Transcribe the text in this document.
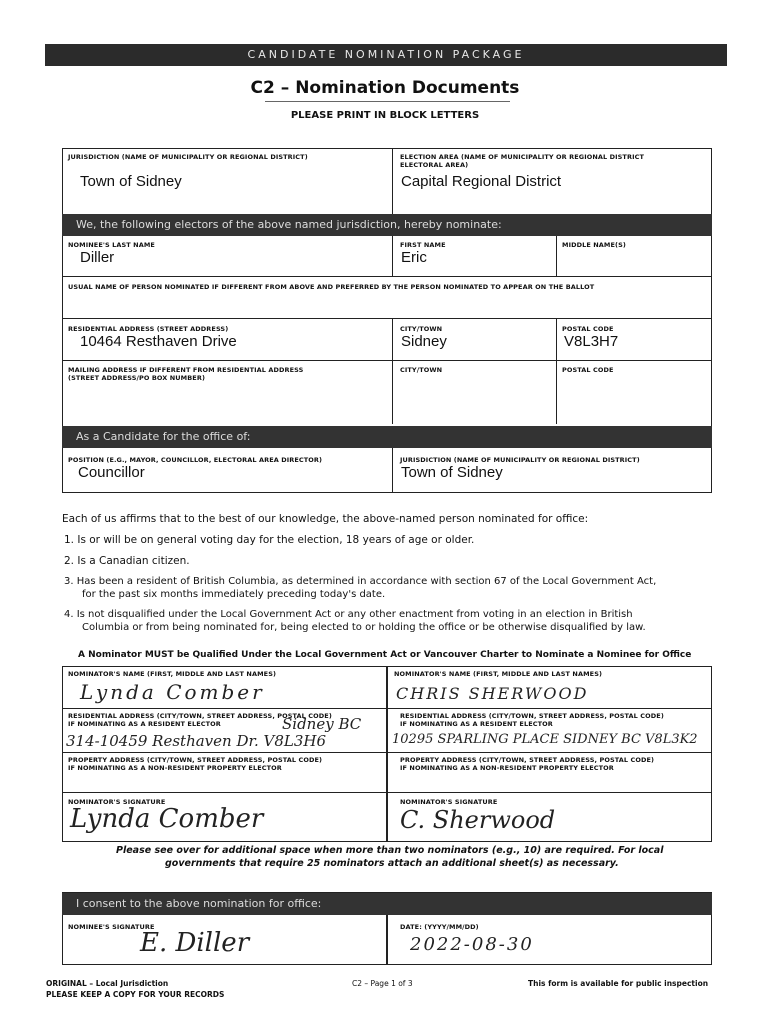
CANDIDATE NOMINATION PACKAGE
C2 – Nomination Documents
PLEASE PRINT IN BLOCK LETTERS
JURISDICTION (NAME OF MUNICIPALITY OR REGIONAL DISTRICT)
Town of Sidney
ELECTION AREA (NAME OF MUNICIPALITY OR REGIONAL DISTRICT
ELECTORAL AREA)
Capital Regional District
We, the following electors of the above named jurisdiction, hereby nominate:
NOMINEE'S LAST NAME
Diller
FIRST NAME
Eric
MIDDLE NAME(S)
USUAL NAME OF PERSON NOMINATED IF DIFFERENT FROM ABOVE AND PREFERRED BY THE PERSON NOMINATED TO APPEAR ON THE BALLOT
RESIDENTIAL ADDRESS (STREET ADDRESS)
10464 Resthaven Drive
CITY/TOWN
Sidney
POSTAL CODE
V8L3H7
MAILING ADDRESS IF DIFFERENT FROM RESIDENTIAL ADDRESS
(STREET ADDRESS/PO BOX NUMBER)
CITY/TOWN	POSTAL CODE
As a Candidate for the office of:
POSITION (E.G., MAYOR, COUNCILLOR, ELECTORAL AREA DIRECTOR)
Councillor
JURISDICTION (NAME OF MUNICIPALITY OR REGIONAL DISTRICT)
Town of Sidney
Each of us affirms that to the best of our knowledge, the above-named person nominated for office:
1. Is or will be on general voting day for the election, 18 years of age or older.
2. Is a Canadian citizen.
3. Has been a resident of British Columbia, as determined in accordance with section 67 of the Local Government Act,
for the past six months immediately preceding today's date.
4. Is not disqualified under the Local Government Act or any other enactment from voting in an election in British
Columbia or from being nominated for, being elected to or holding the office or be otherwise disqualified by law.
A Nominator MUST be Qualified Under the Local Government Act or Vancouver Charter to Nominate a Nominee for Office
NOMINATOR'S NAME (FIRST, MIDDLE AND LAST NAMES)
Lynda Comber
RESIDENTIAL ADDRESS (CITY/TOWN, STREET ADDRESS, POSTAL CODE)
IF NOMINATING AS A RESIDENT ELECTOR	Sidney BC
314-10459 Resthaven Dr. V8L3H6
PROPERTY ADDRESS (CITY/TOWN, STREET ADDRESS, POSTAL CODE)
IF NOMINATING AS A NON-RESIDENT PROPERTY ELECTOR
NOMINATOR'S SIGNATURE
Lynda Comber
NOMINATOR'S NAME (FIRST, MIDDLE AND LAST NAMES)
CHRIS SHERWOOD
RESIDENTIAL ADDRESS (CITY/TOWN, STREET ADDRESS, POSTAL CODE)
IF NOMINATING AS A RESIDENT ELECTOR
10295 SPARLING PLACE SIDNEY BC V8L3K2
PROPERTY ADDRESS (CITY/TOWN, STREET ADDRESS, POSTAL CODE)
IF NOMINATING AS A NON-RESIDENT PROPERTY ELECTOR
NOMINATOR'S SIGNATURE
C. Sherwood
Please see over for additional space when more than two nominators (e.g., 10) are required. For local
governments that require 25 nominators attach an additional sheet(s) as necessary.
I consent to the above nomination for office:
NOMINEE'S SIGNATURE
E. Diller
DATE: (YYYY/MM/DD)
2022-08-30
ORIGINAL – Local Jurisdiction
PLEASE KEEP A COPY FOR YOUR RECORDS
C2 – Page 1 of 3	This form is available for public inspection
